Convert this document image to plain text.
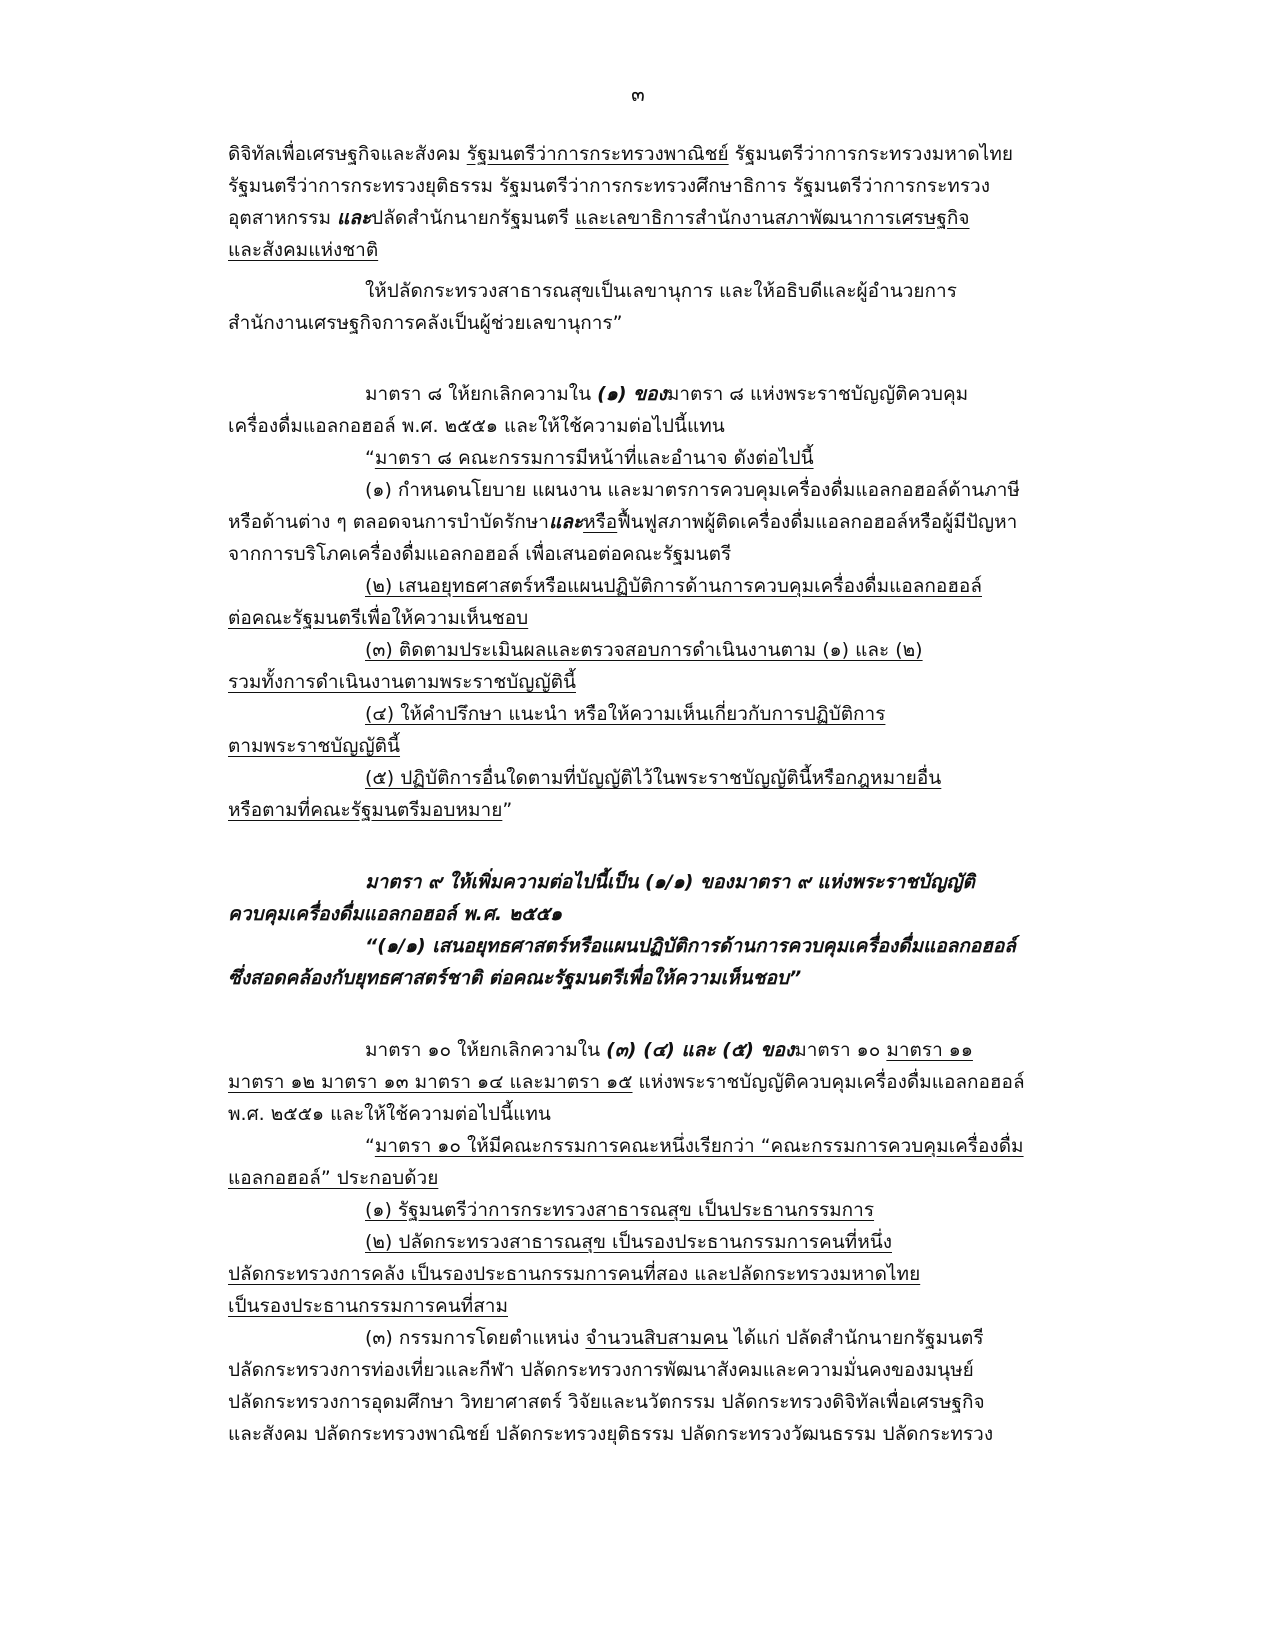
๓
ดิจิทัลเพื่อเศรษฐกิจและสังคม รัฐมนตรีว่าการกระทรวงพาณิชย์ รัฐมนตรีว่าการกระทรวงมหาดไทย
รัฐมนตรีว่าการกระทรวงยุติธรรม รัฐมนตรีว่าการกระทรวงศึกษาธิการ รัฐมนตรีว่าการกระทรวง
อุตสาหกรรม และปลัดสำนักนายกรัฐมนตรี และเลขาธิการสำนักงานสภาพัฒนาการเศรษฐกิจ
และสังคมแห่งชาติ
ให้ปลัดกระทรวงสาธารณสุขเป็นเลขานุการ และให้อธิบดีและผู้อำนวยการ
สำนักงานเศรษฐกิจการคลังเป็นผู้ช่วยเลขานุการ”
มาตรา ๘ ให้ยกเลิกความใน (๑) ของมาตรา ๘ แห่งพระราชบัญญัติควบคุม
เครื่องดื่มแอลกอฮอล์ พ.ศ. ๒๕๕๑ และให้ใช้ความต่อไปนี้แทน
“มาตรา ๘ คณะกรรมการมีหน้าที่และอำนาจ ดังต่อไปนี้
(๑) กำหนดนโยบาย แผนงาน และมาตรการควบคุมเครื่องดื่มแอลกอฮอล์ด้านภาษี
หรือด้านต่าง ๆ ตลอดจนการบำบัดรักษาและหรือฟื้นฟูสภาพผู้ติดเครื่องดื่มแอลกอฮอล์หรือผู้มีปัญหา
จากการบริโภคเครื่องดื่มแอลกอฮอล์ เพื่อเสนอต่อคณะรัฐมนตรี
(๒) เสนอยุทธศาสตร์หรือแผนปฏิบัติการด้านการควบคุมเครื่องดื่มแอลกอฮอล์
ต่อคณะรัฐมนตรีเพื่อให้ความเห็นชอบ
(๓) ติดตามประเมินผลและตรวจสอบการดำเนินงานตาม (๑) และ (๒)
รวมทั้งการดำเนินงานตามพระราชบัญญัตินี้
(๔) ให้คำปรึกษา แนะนำ หรือให้ความเห็นเกี่ยวกับการปฏิบัติการ
ตามพระราชบัญญัตินี้
(๕) ปฏิบัติการอื่นใดตามที่บัญญัติไว้ในพระราชบัญญัตินี้หรือกฎหมายอื่น
หรือตามที่คณะรัฐมนตรีมอบหมาย”
มาตรา ๙ ให้เพิ่มความต่อไปนี้เป็น (๑/๑) ของมาตรา ๙ แห่งพระราชบัญญัติ
ควบคุมเครื่องดื่มแอลกอฮอล์ พ.ศ. ๒๕๕๑
“(๑/๑) เสนอยุทธศาสตร์หรือแผนปฏิบัติการด้านการควบคุมเครื่องดื่มแอลกอฮอล์
ซึ่งสอดคล้องกับยุทธศาสตร์ชาติ ต่อคณะรัฐมนตรีเพื่อให้ความเห็นชอบ”
มาตรา ๑๐ ให้ยกเลิกความใน (๓) (๔) และ (๕) ของมาตรา ๑๐ มาตรา ๑๑
มาตรา ๑๒ มาตรา ๑๓ มาตรา ๑๔ และมาตรา ๑๕ แห่งพระราชบัญญัติควบคุมเครื่องดื่มแอลกอฮอล์
พ.ศ. ๒๕๕๑ และให้ใช้ความต่อไปนี้แทน
“มาตรา ๑๐ ให้มีคณะกรรมการคณะหนึ่งเรียกว่า “คณะกรรมการควบคุมเครื่องดื่ม
แอลกอฮอล์” ประกอบด้วย
(๑) รัฐมนตรีว่าการกระทรวงสาธารณสุข เป็นประธานกรรมการ
(๒) ปลัดกระทรวงสาธารณสุข เป็นรองประธานกรรมการคนที่หนึ่ง
ปลัดกระทรวงการคลัง เป็นรองประธานกรรมการคนที่สอง และปลัดกระทรวงมหาดไทย
เป็นรองประธานกรรมการคนที่สาม
(๓) กรรมการโดยตำแหน่ง จำนวนสิบสามคน ได้แก่ ปลัดสำนักนายกรัฐมนตรี
ปลัดกระทรวงการท่องเที่ยวและกีฬา ปลัดกระทรวงการพัฒนาสังคมและความมั่นคงของมนุษย์
ปลัดกระทรวงการอุดมศึกษา วิทยาศาสตร์ วิจัยและนวัตกรรม ปลัดกระทรวงดิจิทัลเพื่อเศรษฐกิจ
และสังคม ปลัดกระทรวงพาณิชย์ ปลัดกระทรวงยุติธรรม ปลัดกระทรวงวัฒนธรรม ปลัดกระทรวง
